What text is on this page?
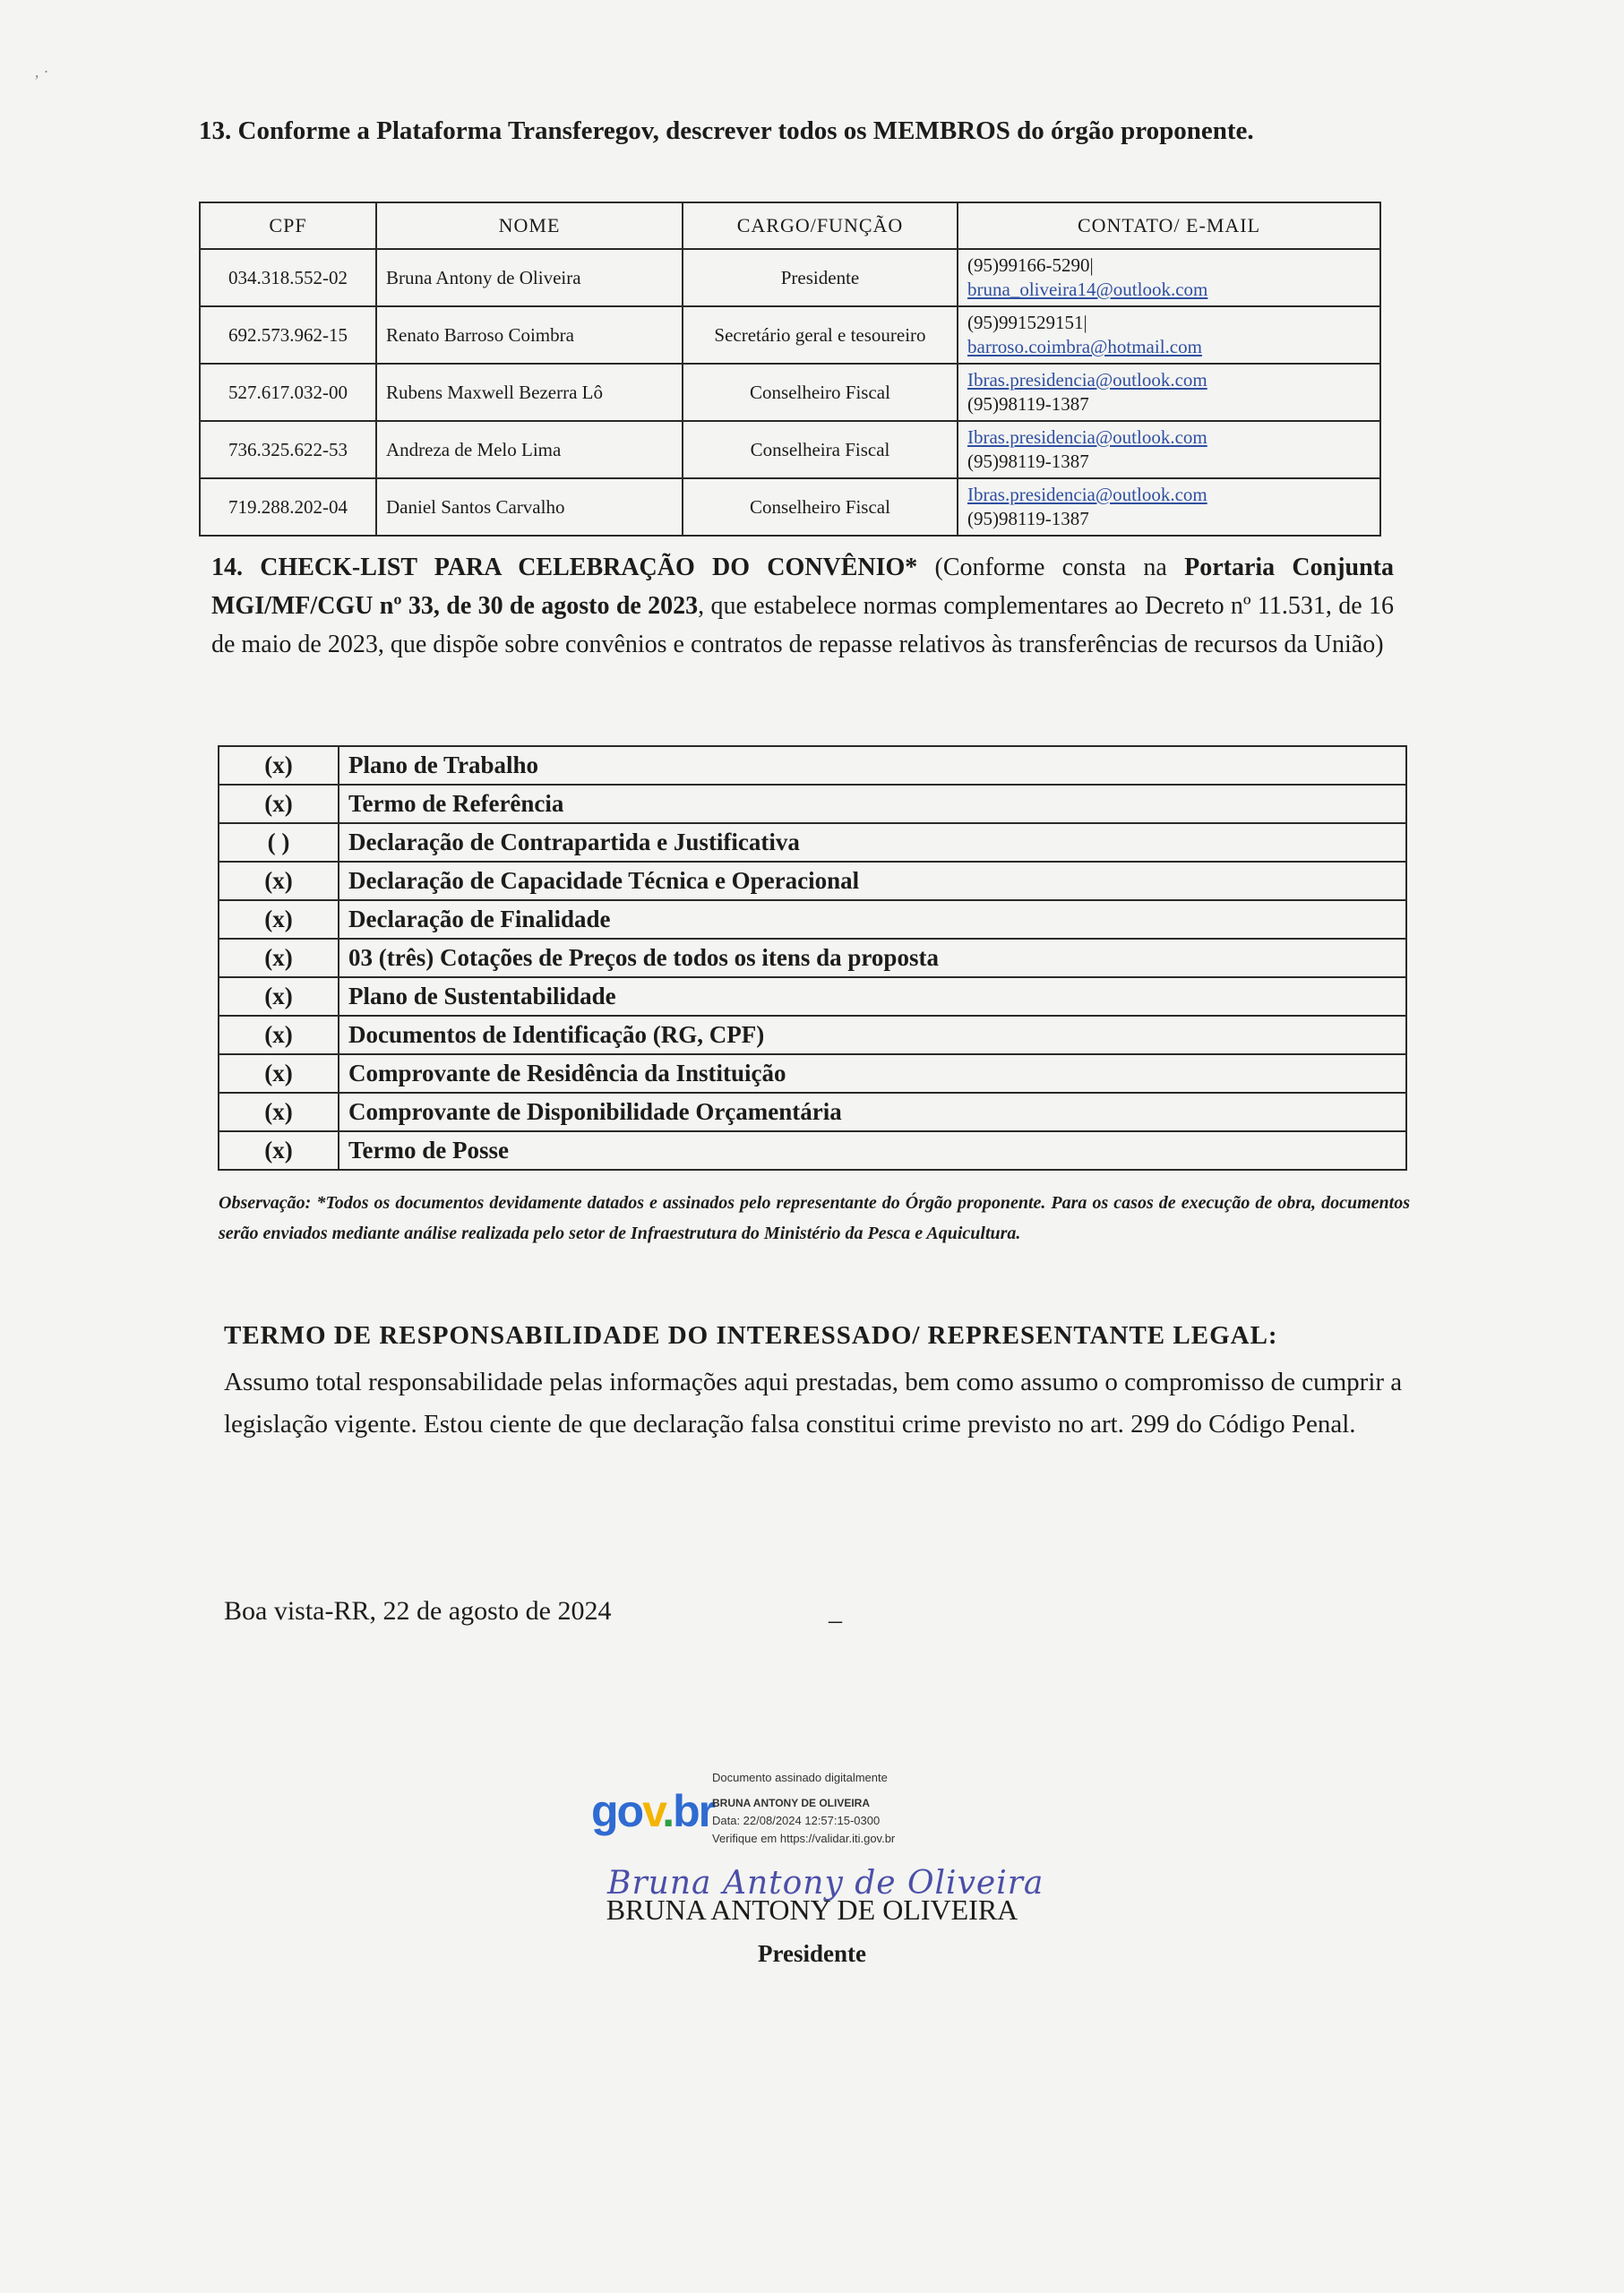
‚ ·
13. Conforme a Plataforma Transferegov, descrever todos os MEMBROS do órgão proponente.
CPF	NOME	CARGO/FUNÇÃO	CONTATO/ E-MAIL
034.318.552-02	Bruna Antony de Oliveira	Presidente	(95)99166-5290|
bruna_oliveira14@outlook.com

692.573.962-15	Renato Barroso Coimbra	Secretário geral e tesoureiro	(95)991529151|
barroso.coimbra@hotmail.com

527.617.032-00	Rubens Maxwell Bezerra Lô	Conselheiro Fiscal	Ibras.presidencia@outlook.com
(95)98119-1387

736.325.622-53	Andreza de Melo Lima	Conselheira Fiscal	Ibras.presidencia@outlook.com
(95)98119-1387

719.288.202-04	Daniel Santos Carvalho	Conselheiro Fiscal	Ibras.presidencia@outlook.com
(95)98119-1387
14. CHECK-LIST PARA CELEBRAÇÃO DO CONVÊNIO* (Conforme consta na Portaria Conjunta MGI/MF/CGU nº 33, de 30 de agosto de 2023, que estabelece normas complementares ao Decreto nº 11.531, de 16 de maio de 2023, que dispõe sobre convênios e contratos de repasse relativos às transferências de recursos da União)
(x)	Plano de Trabalho
(x)	Termo de Referência
( )	Declaração de Contrapartida e Justificativa
(x)	Declaração de Capacidade Técnica e Operacional
(x)	Declaração de Finalidade
(x)	03 (três) Cotações de Preços de todos os itens da proposta
(x)	Plano de Sustentabilidade
(x)	Documentos de Identificação (RG, CPF)
(x)	Comprovante de Residência da Instituição
(x)	Comprovante de Disponibilidade Orçamentária
(x)	Termo de Posse
Observação: *Todos os documentos devidamente datados e assinados pelo representante do Órgão proponente. Para os casos de execução de obra, documentos serão enviados mediante análise realizada pelo setor de Infraestrutura do Ministério da Pesca e Aquicultura.
TERMO DE RESPONSABILIDADE DO INTERESSADO/ REPRESENTANTE LEGAL:
Assumo total responsabilidade pelas informações aqui prestadas, bem como assumo o compromisso de cumprir a legislação vigente. Estou ciente de que declaração falsa constitui crime previsto no art. 299 do Código Penal.
Boa vista-RR, 22 de agosto de 2024	_
gov.br
Documento assinado digitalmente
BRUNA ANTONY DE OLIVEIRA
Data: 22/08/2024 12:57:15-0300
Verifique em https://validar.iti.gov.br
Bruna Antony de Oliveira
BRUNA ANTONY DE OLIVEIRA
Presidente
